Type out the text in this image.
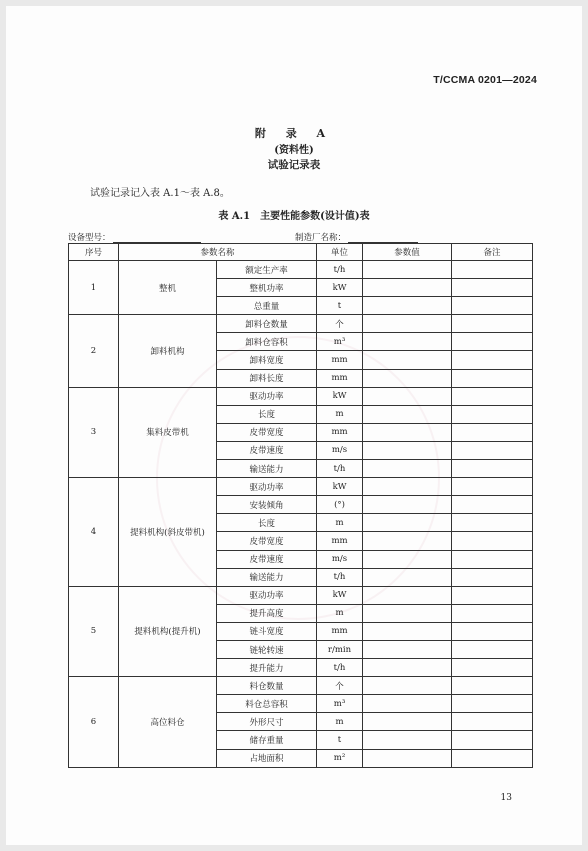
T/CCMA 0201—2024
附 录 A
(资料性)
试验记录表
试验记录记入表 A.1～表 A.8。
表 A.1　主要性能参数(设计值)表
设备型号：	制造厂名称：
序号	参数名称		单位	参数值	备注
1	整机	额定生产率	t/h		
		整机功率	kW		
		总重量	t		
2	卸料机构	卸料仓数量	个		
		卸料仓容积	m³		
		卸料宽度	mm		
		卸料长度	mm		
3	集料皮带机	驱动功率	kW		
		长度	m		
		皮带宽度	mm		
		皮带速度	m/s		
		输送能力	t/h		
4	提料机构(斜皮带机)	驱动功率	kW		
		安装倾角	(°)		
		长度	m		
		皮带宽度	mm		
		皮带速度	m/s		
		输送能力	t/h		
5	提料机构(提升机)	驱动功率	kW		
		提升高度	m		
		链斗宽度	mm		
		链轮转速	r/min		
		提升能力	t/h		
6	高位料仓	料仓数量	个		
		料仓总容积	m³		
		外形尺寸	m		
		储存重量	t		
		占地面积	m²		
13
